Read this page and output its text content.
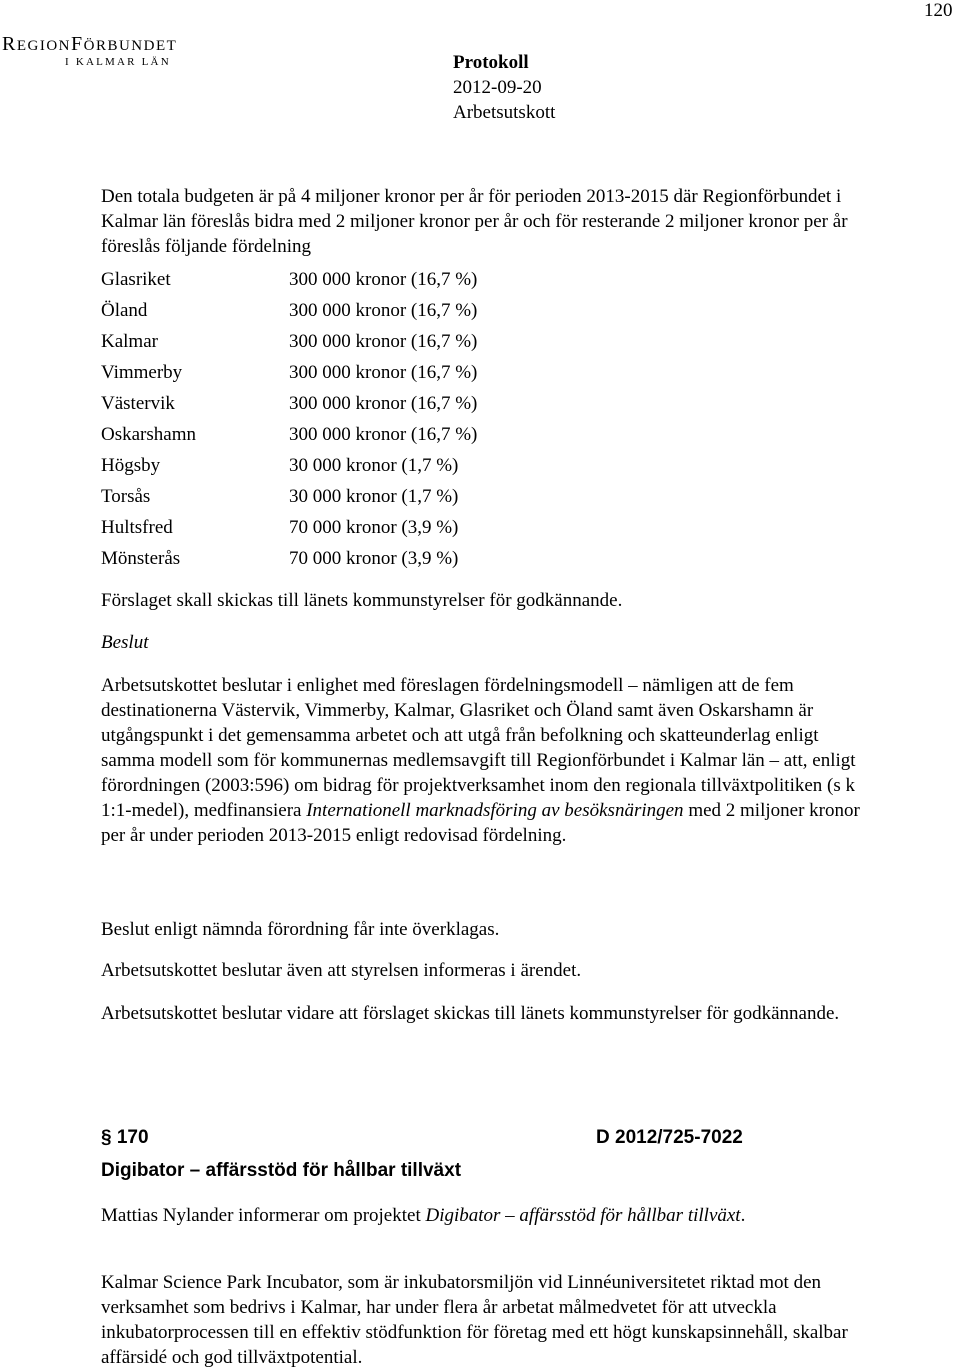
120
REGIONFÖRBUNDET
I KALMAR LÄN	Protokoll
2012-09-20
Arbetsutskott
Den totala budgeten är på 4 miljoner kronor per år för perioden 2013-2015 där Regionförbundet i Kalmar län föreslås bidra med 2 miljoner kronor per år och för resterande 2 miljoner kronor per år föreslås följande fördelning
Glasriket	300 000 kronor (16,7 %)
Öland	300 000 kronor (16,7 %)
Kalmar	300 000 kronor (16,7 %)
Vimmerby	300 000 kronor (16,7 %)
Västervik	300 000 kronor (16,7 %)
Oskarshamn	300 000 kronor (16,7 %)
Högsby	30 000 kronor (1,7 %)
Torsås	30 000 kronor (1,7 %)
Hultsfred	70 000 kronor (3,9 %)
Mönsterås	70 000 kronor (3,9 %)
Förslaget skall skickas till länets kommunstyrelser för godkännande.
Beslut
Arbetsutskottet beslutar i enlighet med föreslagen fördelningsmodell – nämligen att de fem destinationerna Västervik, Vimmerby, Kalmar, Glasriket och Öland samt även Oskarshamn är utgångspunkt i det gemensamma arbetet och att utgå från befolkning och skatteunderlag enligt samma modell som för kommunernas medlemsavgift till Regionförbundet i Kalmar län – att, enligt förordningen (2003:596) om bidrag för projektverksamhet inom den regionala tillväxtpolitiken (s k 1:1-medel), medfinansiera Internationell marknadsföring av besöksnäringen med 2 miljoner kronor per år under perioden 2013-2015 enligt redovisad fördelning.
Beslut enligt nämnda förordning får inte överklagas.
Arbetsutskottet beslutar även att styrelsen informeras i ärendet.
Arbetsutskottet beslutar vidare att förslaget skickas till länets kommunstyrelser för godkännande.
§ 170	D 2012/725-7022
Digibator – affärsstöd för hållbar tillväxt
Mattias Nylander informerar om projektet Digibator – affärsstöd för hållbar tillväxt.
Kalmar Science Park Incubator, som är inkubatorsmiljön vid Linnéuniversitetet riktad mot den verksamhet som bedrivs i Kalmar, har under flera år arbetat målmedvetet för att utveckla inkubatorprocessen till en effektiv stödfunktion för företag med ett högt kunskapsinnehåll, skalbar affärsidé och god tillväxtpotential.
